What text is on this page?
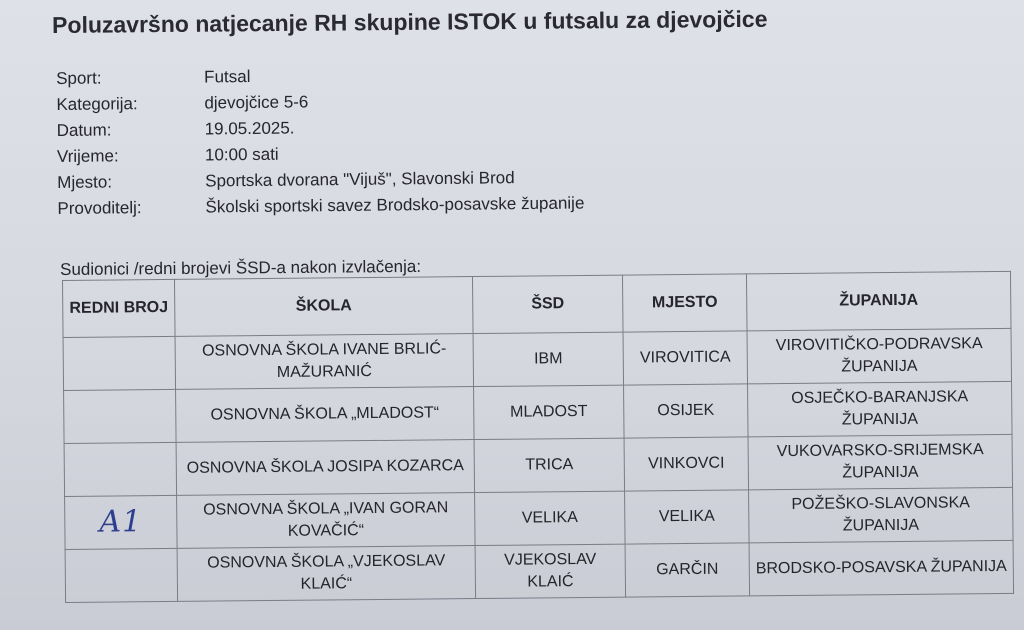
Poluzavršno natjecanje RH skupine ISTOK u futsalu za djevojčice
Sport:	Futsal
Kategorija:	djevojčice 5-6
Datum:	19.05.2025.
Vrijeme:	10:00 sati
Mjesto:	Sportska dvorana "Vijuš", Slavonski Brod
Provoditelj:	Školski sportski savez Brodsko-posavske županije
Sudionici /redni brojevi ŠSD-a nakon izvlačenja:
REDNI BROJ	ŠKOLA	ŠSD	MJESTO	ŽUPANIJA
	OSNOVNA ŠKOLA IVANE BRLIĆ-MAŽURANIĆ	IBM	VIROVITICA	VIROVITIČKO-PODRAVSKA ŽUPANIJA
	OSNOVNA ŠKOLA „MLADOST“	MLADOST	OSIJEK	OSJEČKO-BARANJSKA ŽUPANIJA
	OSNOVNA ŠKOLA JOSIPA KOZARCA	TRICA	VINKOVCI	VUKOVARSKO-SRIJEMSKA ŽUPANIJA
A1	OSNOVNA ŠKOLA „IVAN GORAN KOVAČIĆ“	VELIKA	VELIKA	POŽEŠKO-SLAVONSKA ŽUPANIJA
	OSNOVNA ŠKOLA „VJEKOSLAV KLAIĆ“	VJEKOSLAV KLAIĆ	GARČIN	BRODSKO-POSAVSKA ŽUPANIJA
